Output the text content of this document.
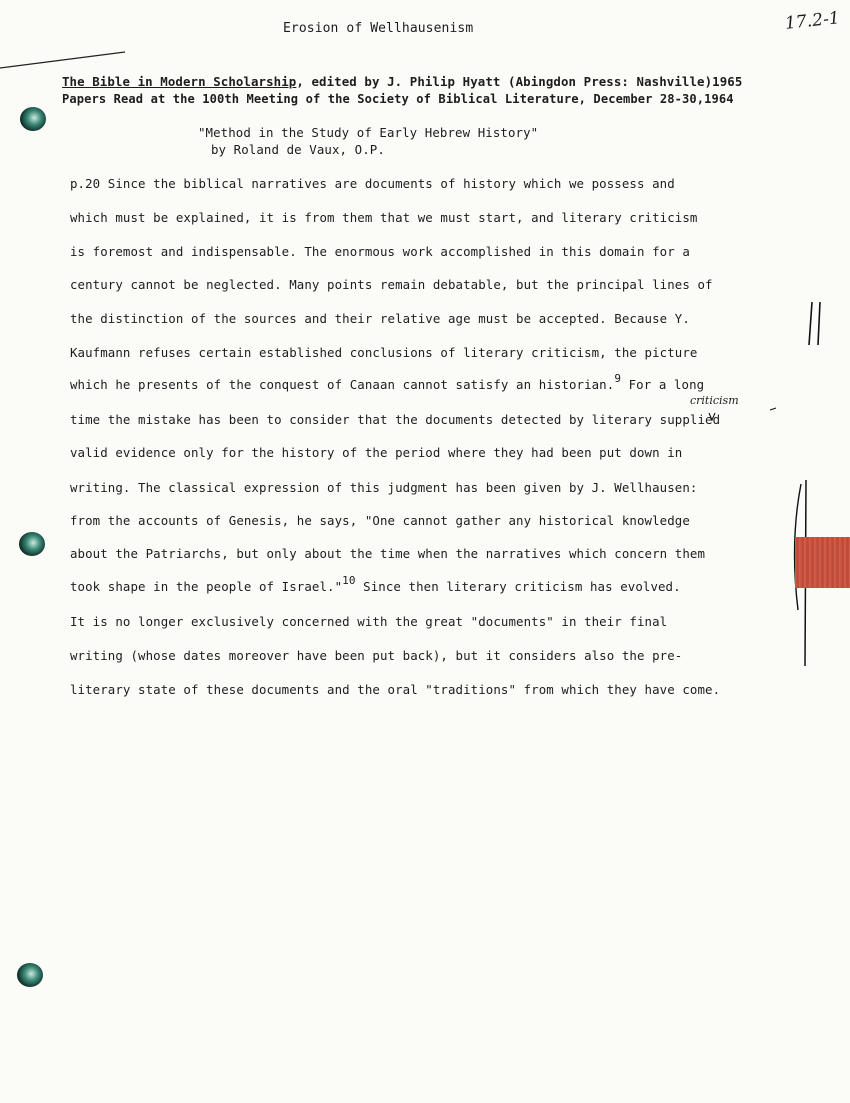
Erosion of Wellhausenism	17.2-1
The Bible in Modern Scholarship, edited by J. Philip Hyatt (Abingdon Press: Nashville)1965
Papers Read at the 100th Meeting of the Society of Biblical Literature, December 28-30,1964
"Method in the Study of Early Hebrew History"
by Roland de Vaux, O.P.
p.20 Since the biblical narratives are documents of history which we possess and
which must be explained, it is from them that we must start, and literary criticism
is foremost and indispensable. The enormous work accomplished in this domain for a
century cannot be neglected. Many points remain debatable, but the principal lines of
the distinction of the sources and their relative age must be accepted. Because Y.
Kaufmann refuses certain established conclusions of literary criticism, the picture
which he presents of the conquest of Canaan cannot satisfy an historian.9 For a long
criticism
time the mistake has been to consider that the documents detected by literary supplied
valid evidence only for the history of the period where they had been put down in
writing. The classical expression of this judgment has been given by J. Wellhausen:
from the accounts of Genesis, he says, "One cannot gather any historical knowledge
about the Patriarchs, but only about the time when the narratives which concern them
took shape in the people of Israel."10 Since then literary criticism has evolved.
It is no longer exclusively concerned with the great "documents" in their final
writing (whose dates moreover have been put back), but it considers also the pre-
literary state of these documents and the oral "traditions" from which they have come.
